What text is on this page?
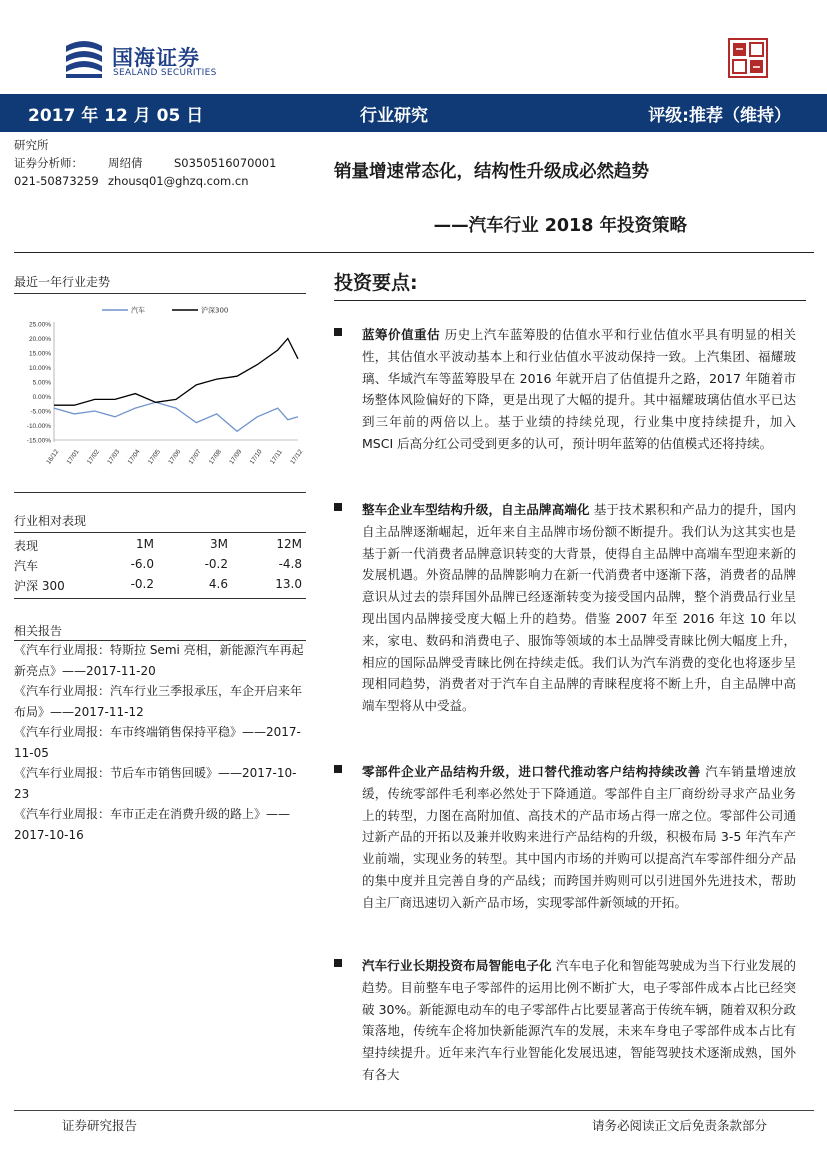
国海证券
SEALAND SECURITIES
2017 年 12 月 05 日	行业研究	评级:推荐（维持）
研究所
证券分析师： 周绍倩	S0350516070001
021-50873259 zhousq01@ghzq.com.cn	销量增速常态化，结构性升级成必然趋势
——汽车行业 2018 年投资策略
最近一年行业走势
25.00%
20.00%
15.00%
10.00%
5.00%
0.00%
-5.00%
-10.00%
-15.00%
16/12 17/01 17/02 17/03 17/04 17/05 17/06 17/07 17/08 17/09 17/10 17/11 17/12
汽车	沪深300
行业相对表现
表现	1M	3M	12M
汽车	-6.0	-0.2	-4.8
沪深 300	-0.2	4.6	13.0
相关报告
《汽车行业周报：特斯拉 Semi 亮相，新能源汽车再起新亮点》——2017-11-20
《汽车行业周报：汽车行业三季报承压，车企开启来年布局》——2017-11-12
《汽车行业周报：车市终端销售保持平稳》——2017-11-05
《汽车行业周报：节后车市销售回暖》——2017-10-23
《汽车行业周报：车市正走在消费升级的路上》——2017-10-16
投资要点:
蓝筹价值重估 历史上汽车蓝筹股的估值水平和行业估值水平具有明显的相关性，其估值水平波动基本上和行业估值水平波动保持一致。上汽集团、福耀玻璃、华域汽车等蓝筹股早在 2016 年就开启了估值提升之路，2017 年随着市场整体风险偏好的下降，更是出现了大幅的提升。其中福耀玻璃估值水平已达到三年前的两倍以上。基于业绩的持续兑现，行业集中度持续提升，加入 MSCI 后高分红公司受到更多的认可，预计明年蓝筹的估值模式还将持续。
整车企业车型结构升级，自主品牌高端化 基于技术累积和产品力的提升，国内自主品牌逐渐崛起，近年来自主品牌市场份额不断提升。我们认为这其实也是基于新一代消费者品牌意识转变的大背景，使得自主品牌中高端车型迎来新的发展机遇。外资品牌的品牌影响力在新一代消费者中逐渐下落，消费者的品牌意识从过去的崇拜国外品牌已经逐渐转变为接受国内品牌，整个消费品行业呈现出国内品牌接受度大幅上升的趋势。借鉴 2007 年至 2016 年这 10 年以来，家电、数码和消费电子、服饰等领域的本土品牌受青睐比例大幅度上升，相应的国际品牌受青睐比例在持续走低。我们认为汽车消费的变化也将逐步呈现相同趋势，消费者对于汽车自主品牌的青睐程度将不断上升，自主品牌中高端车型将从中受益。
零部件企业产品结构升级，进口替代推动客户结构持续改善 汽车销量增速放缓，传统零部件毛利率必然处于下降通道。零部件自主厂商纷纷寻求产品业务上的转型，力图在高附加值、高技术的产品市场占得一席之位。零部件公司通过新产品的开拓以及兼并收购来进行产品结构的升级，积极布局 3-5 年汽车产业前端，实现业务的转型。其中国内市场的并购可以提高汽车零部件细分产品的集中度并且完善自身的产品线；而跨国并购则可以引进国外先进技术，帮助自主厂商迅速切入新产品市场，实现零部件新领域的开拓。
汽车行业长期投资布局智能电子化 汽车电子化和智能驾驶成为当下行业发展的趋势。目前整车电子零部件的运用比例不断扩大，电子零部件成本占比已经突破 30%。新能源电动车的电子零部件占比要显著高于传统车辆，随着双积分政策落地，传统车企将加快新能源汽车的发展，未来车身电子零部件成本占比有望持续提升。近年来汽车行业智能化发展迅速，智能驾驶技术逐渐成熟，国外有各大
证券研究报告	请务必阅读正文后免责条款部分
